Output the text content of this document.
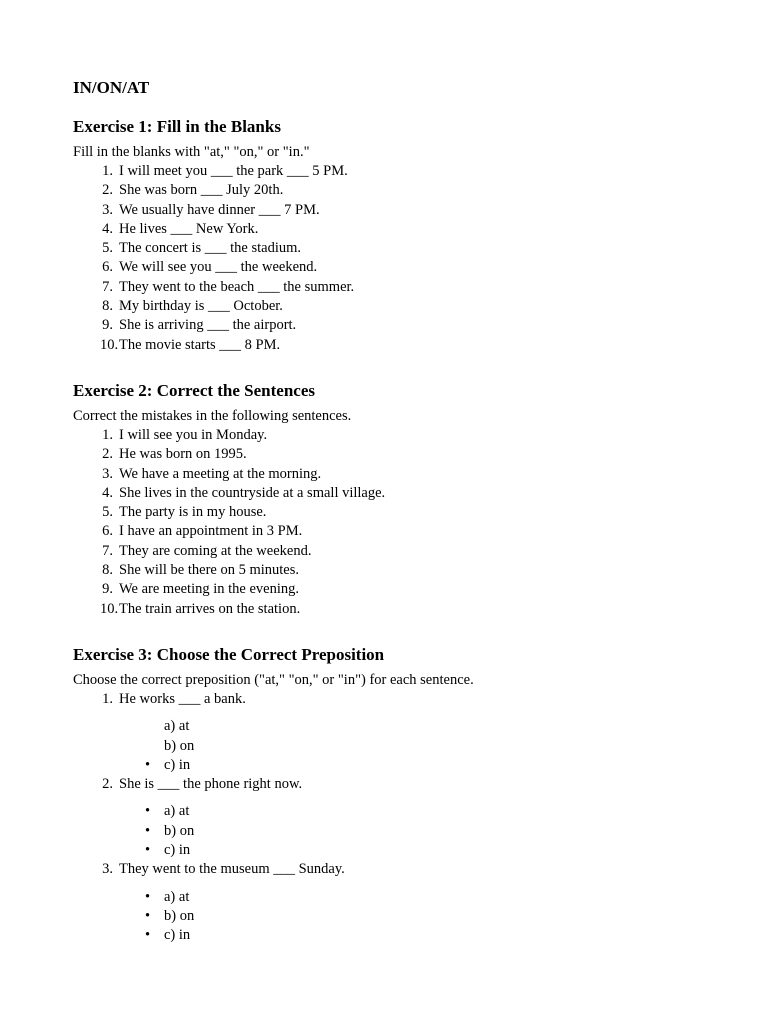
IN/ON/AT
Exercise 1: Fill in the Blanks

Fill in the blanks with "at," "on," or "in."

1. I will meet you ___ the park ___ 5 PM.
2. She was born ___ July 20th.
3. We usually have dinner ___ 7 PM.
4. He lives ___ New York.
5. The concert is ___ the stadium.
6. We will see you ___ the weekend.
7. They went to the beach ___ the summer.
8. My birthday is ___ October.
9. She is arriving ___ the airport.
10. The movie starts ___ 8 PM.
Exercise 2: Correct the Sentences

Correct the mistakes in the following sentences.

1. I will see you in Monday.
2. He was born on 1995.
3. We have a meeting at the morning.
4. She lives in the countryside at a small village.
5. The party is in my house.
6. I have an appointment in 3 PM.
7. They are coming at the weekend.
8. She will be there on 5 minutes.
9. We are meeting in the evening.
10. The train arrives on the station.
Exercise 3: Choose the Correct Preposition

Choose the correct preposition ("at," "on," or "in") for each sentence.

1. He works ___ a bank.
a) at
b) on
• c) in
2. She is ___ the phone right now.
• a) at
• b) on
• c) in
3. They went to the museum ___ Sunday.
• a) at
• b) on
• c) in
